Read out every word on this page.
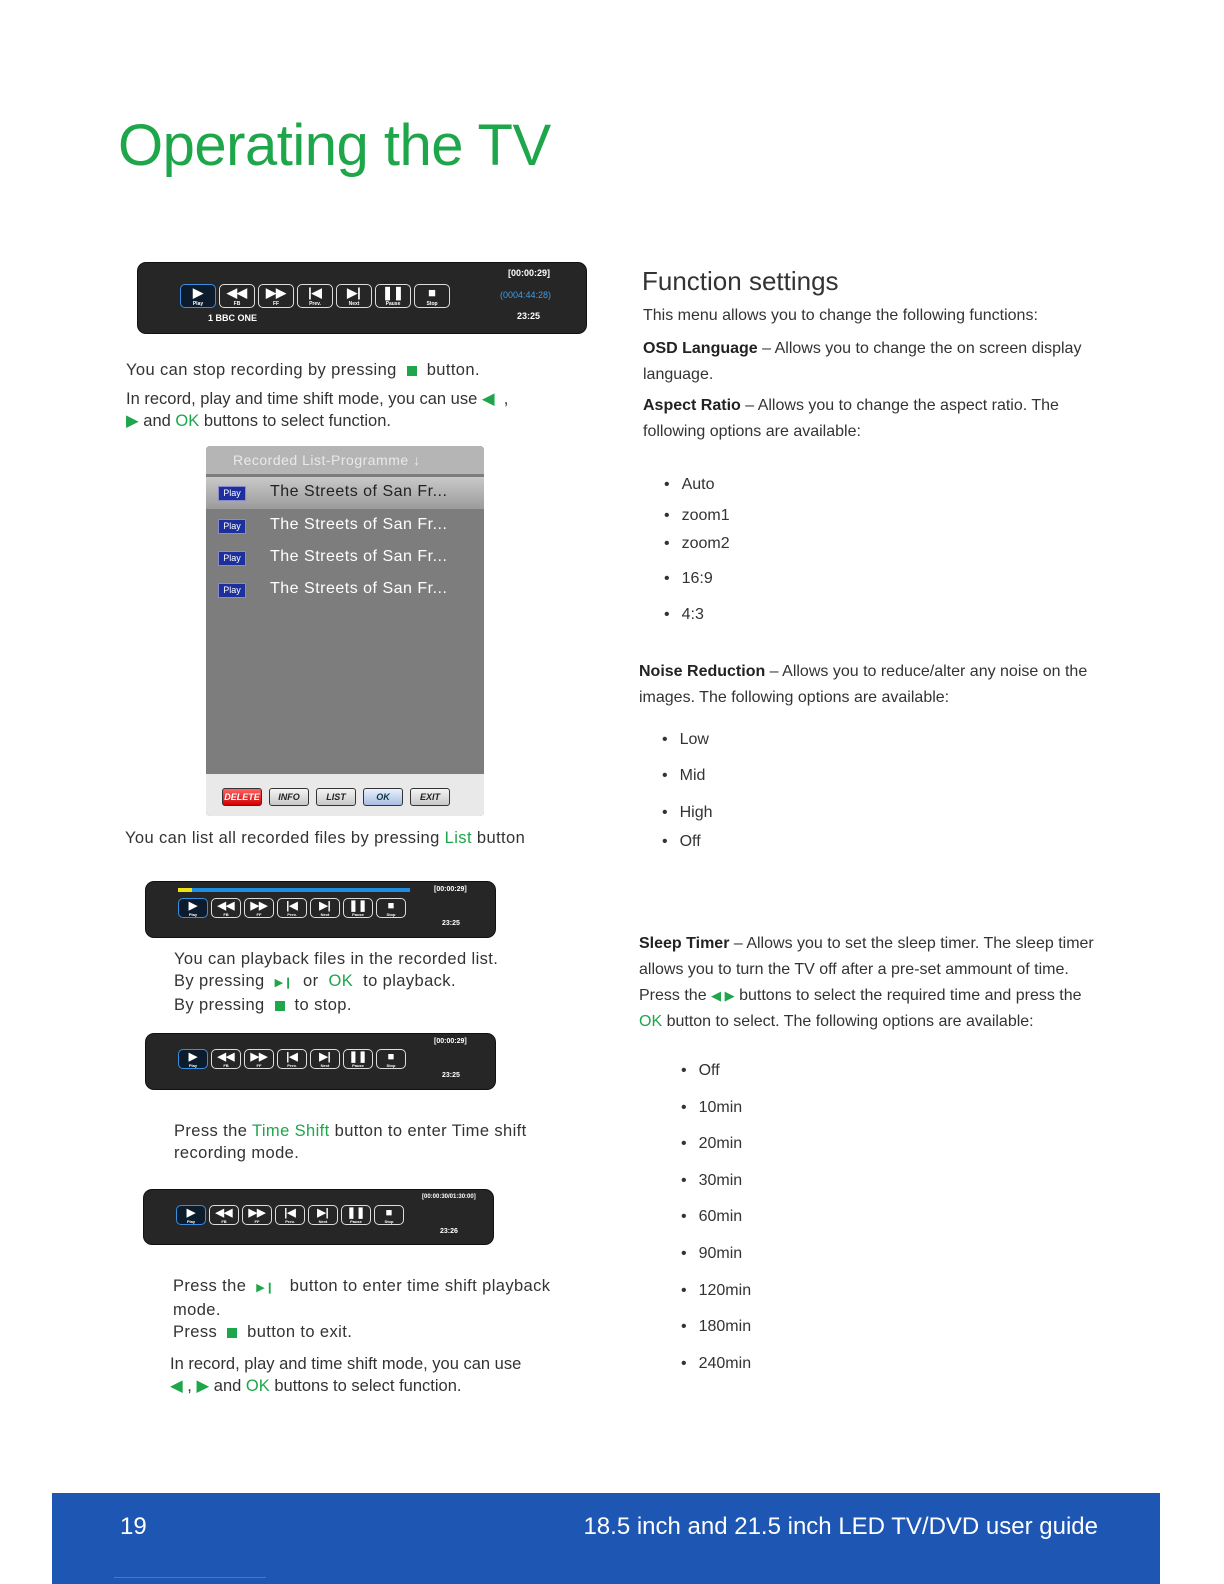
Operating the TV
▶
Play
◀◀
FB
▶▶
FF
|◀
Prev.
▶|
Next
❚❚
Pause
■
Stop
[00:00:29]
(0004:44:28)
23:25
1 BBC ONE
You can stop recording by pressing button.
In record, play and time shift mode, you can use ◀ ,
▶ and OK buttons to select function.
Recorded List-Programme ↓
Play	The Streets of San Fr...
Play	The Streets of San Fr...
Play	The Streets of San Fr...
Play	The Streets of San Fr...
DELETE	INFO	LIST	OK	EXIT
You can list all recorded files by pressing List button
▶
Play
◀◀
FB
▶▶
FF
|◀
Prev.
▶|
Next
❚❚
Pause
■
Stop
[00:00:29]
23:25
You can playback files in the recorded list.
By pressing ▶❙ or OK to playback.
By pressing to stop.
▶
Play
◀◀
FB
▶▶
FF
|◀
Prev.
▶|
Next
❚❚
Pause
■
Stop
[00:00:29]
23:25
Press the Time Shift button to enter Time shift
recording mode.
▶
Play
◀◀
FB
▶▶
FF
|◀
Prev.
▶|
Next
❚❚
Pause
■
Stop
[00:00:30/01:30:00]
23:26
Press the ▶❙ button to enter time shift playback
mode.
Press button to exit.
In record, play and time shift mode, you can use
◀ , ▶ and OK buttons to select function.
Function settings
This menu allows you to change the following functions:
OSD Language – Allows you to change the on screen display language.
Aspect Ratio – Allows you to change the aspect ratio. The following options are available:
• Auto
• zoom1
• zoom2
• 16:9
• 4:3
Noise Reduction – Allows you to reduce/alter any noise on the images. The following options are available:
• Low
• Mid
• High
• Off
Sleep Timer – Allows you to set the sleep timer. The sleep timer allows you to turn the TV off after a pre-set ammount of time. Press the ◀ ▶ buttons to select the required time and press the OK button to select. The following options are available:
• Off
• 10min
• 20min
• 30min
• 60min
• 90min
• 120min
• 180min
• 240min
19	18.5 inch and 21.5 inch LED TV/DVD user guide
